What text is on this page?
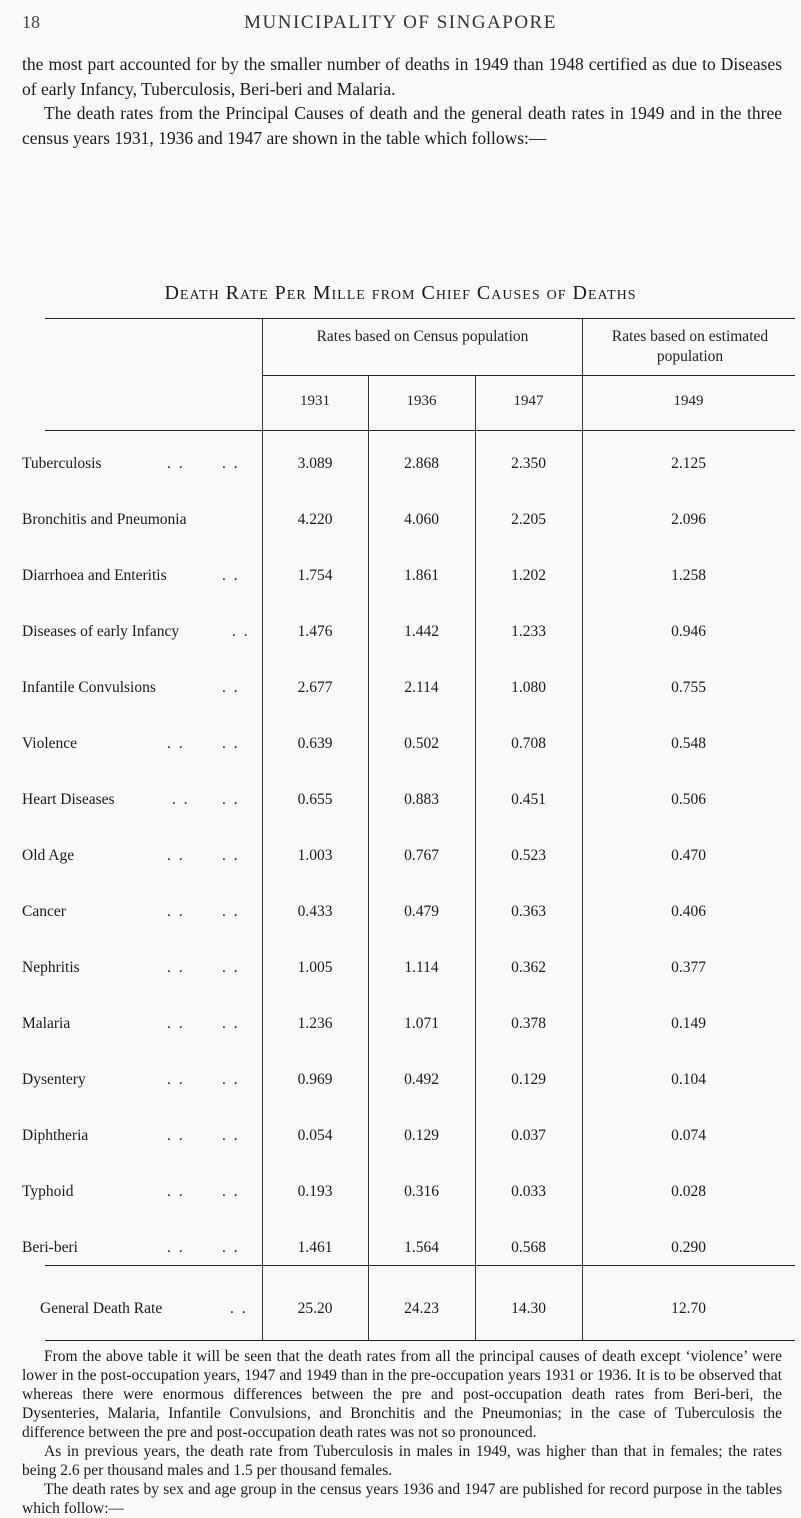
18	MUNICIPALITY OF SINGAPORE

the most part accounted for by the smaller number of deaths in 1949 than 1948 certified as due to Diseases of early Infancy, Tuberculosis, Beri-beri and Malaria.

The death rates from the Principal Causes of death and the general death rates in 1949 and in the three census years 1931, 1936 and 1947 are shown in the table which follows:—

Death Rate Per Mille from Chief Causes of Deaths
Rates based on Census population	Rates based on estimated population
1931	1936	1947	1949
Tuberculosis	. . . .	3.089	2.868	2.350	2.125
Bronchitis and Pneumonia	4.220	4.060	2.205	2.096
Diarrhoea and Enteritis	. .	1.754	1.861	1.202	1.258
Diseases of early Infancy	. .	1.476	1.442	1.233	0.946
Infantile Convulsions	. .	2.677	2.114	1.080	0.755
Violence	. . . .	0.639	0.502	0.708	0.548
Heart Diseases	. . . .	0.655	0.883	0.451	0.506
Old Age	. . . .	1.003	0.767	0.523	0.470
Cancer	. . . .	0.433	0.479	0.363	0.406
Nephritis	. . . .	1.005	1.114	0.362	0.377
Malaria	. . . .	1.236	1.071	0.378	0.149
Dysentery	. . . .	0.969	0.492	0.129	0.104
Diphtheria	. . . .	0.054	0.129	0.037	0.074
Typhoid	. . . .	0.193	0.316	0.033	0.028
Beri-beri	. . . .	1.461	1.564	0.568	0.290
General Death Rate	. .	25.20	24.23	14.30	12.70

From the above table it will be seen that the death rates from all the principal causes of death except ‘violence’ were lower in the post-occupation years, 1947 and 1949 than in the pre-occupation years 1931 or 1936. It is to be observed that whereas there were enormous differences between the pre and post-occupation death rates from Beri-beri, the Dysenteries, Malaria, Infantile Convulsions, and Bronchitis and the Pneumonias; in the case of Tuberculosis the difference between the pre and post-occupation death rates was not so pronounced.

As in previous years, the death rate from Tuberculosis in males in 1949, was higher than that in females; the rates being 2.6 per thousand males and 1.5 per thousand females.

The death rates by sex and age group in the census years 1936 and 1947 are published for record purpose in the tables which follow:—
